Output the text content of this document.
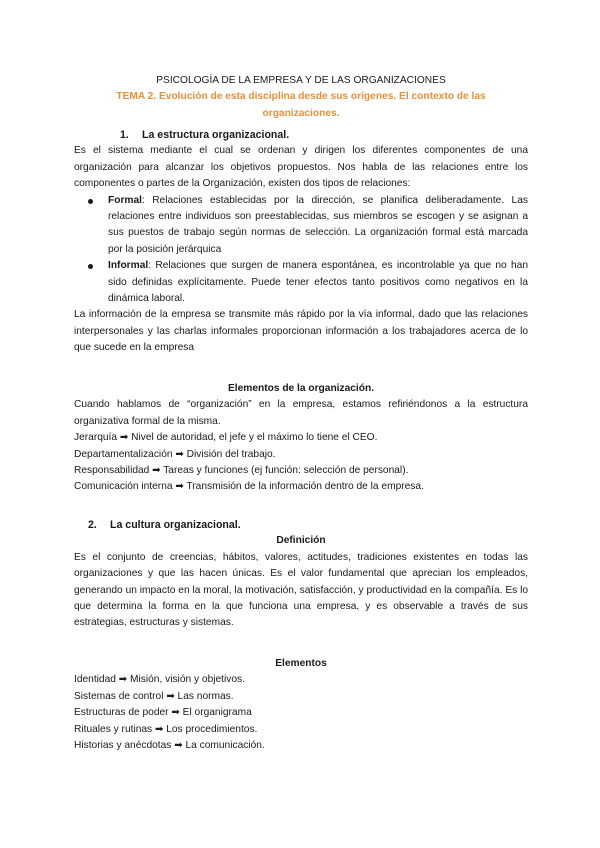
PSICOLOGÍA DE LA EMPRESA Y DE LAS ORGANIZACIONES
TEMA 2. Evolución de esta disciplina desde sus orígenes. El contexto de las organizaciones.
1. La estructura organizacional.

Es el sistema mediante el cual se ordenan y dirigen los diferentes componentes de una organización para alcanzar los objetivos propuestos. Nos habla de las relaciones entre los componentes o partes de la Organización, existen dos tipos de relaciones:

Formal: Relaciones establecidas por la dirección, se planifica deliberadamente. Las relaciones entre individuos son preestablecidas, sus miembros se escogen y se asignan a sus puestos de trabajo según normas de selección. La organización formal está marcada por la posición jerárquica
Informal: Relaciones que surgen de manera espontánea, es incontrolable ya que no han sido definidas explícitamente. Puede tener efectos tanto positivos como negativos en la dinámica laboral.

La información de la empresa se transmite más rápido por la vía informal, dado que las relaciones interpersonales y las charlas informales proporcionan información a los trabajadores acerca de lo que sucede en la empresa

Elementos de la organización.

Cuando hablamos de “organización” en la empresa, estamos refiriéndonos a la estructura organizativa formal de la misma.

Jerarquía ➡ Nivel de autoridad, el jefe y el máximo lo tiene el CEO.
Departamentalización ➡ División del trabajo.
Responsabilidad ➡ Tareas y funciones (ej función: selección de personal).
Comunicación interna ➡ Transmisión de la información dentro de la empresa.
2. La cultura organizacional.
Definición

Es el conjunto de creencias, hábitos, valores, actitudes, tradiciones existentes en todas las organizaciones y que las hacen únicas. Es el valor fundamental que aprecian los empleados, generando un impacto en la moral, la motivación, satisfacción, y productividad en la compañía. Es lo que determina la forma en la que funciona una empresa, y es observable a través de sus estrategias, estructuras y sistemas.

Elementos
Identidad ➡ Misión, visión y objetivos.
Sistemas de control ➡ Las normas.
Estructuras de poder ➡ El organigrama
Rituales y rutinas ➡ Los procedimientos.
Historias y anécdotas ➡ La comunicación.
